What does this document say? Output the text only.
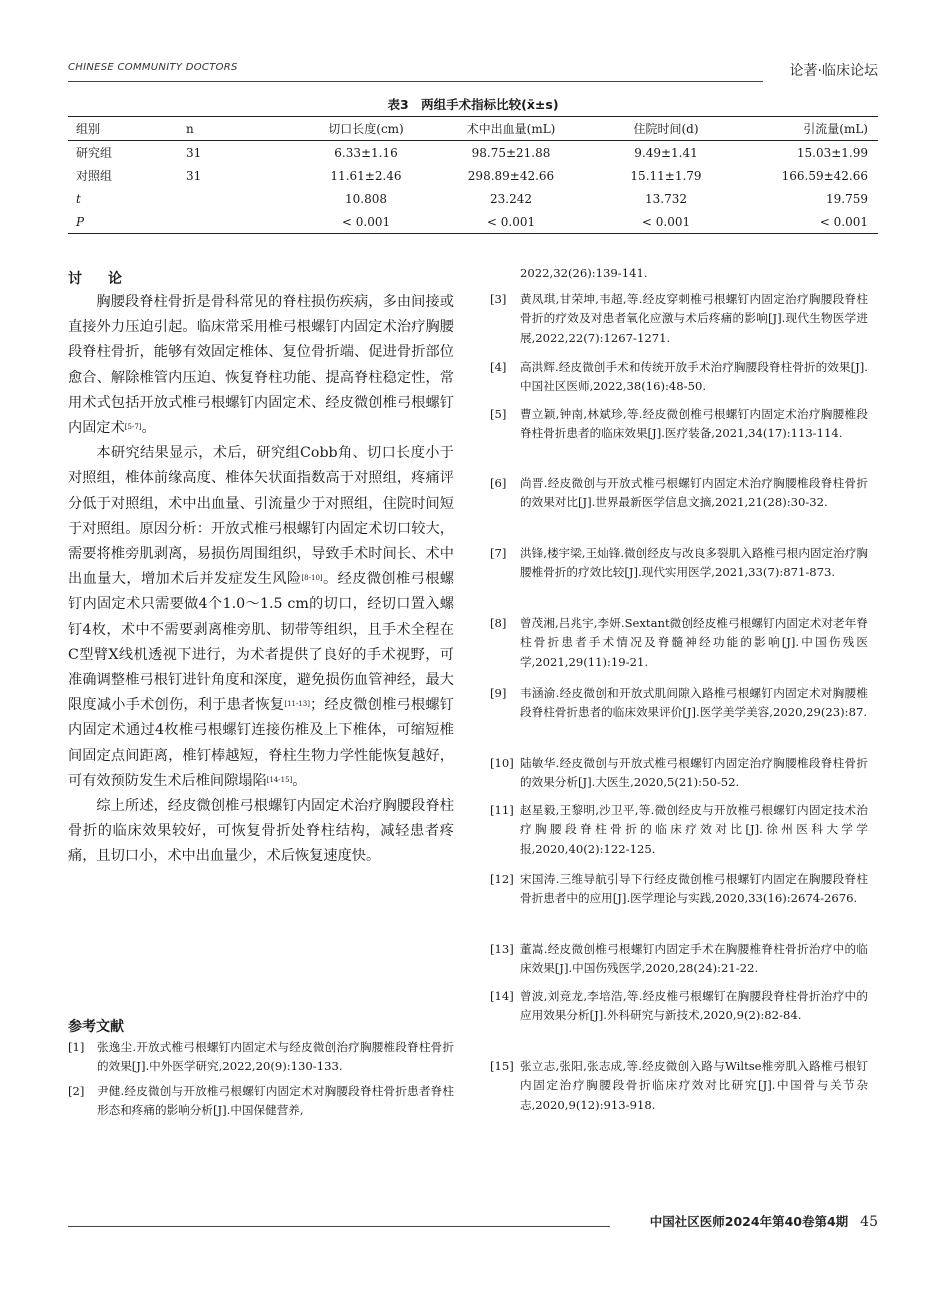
CHINESE COMMUNITY DOCTORS	论著·临床论坛
表3　两组手术指标比较(x̄±s)
组别	n	切口长度(cm)	术中出血量(mL)	住院时间(d)	引流量(mL)
研究组	31	6.33±1.16	98.75±21.88	9.49±1.41	15.03±1.99
对照组	31	11.61±2.46	298.89±42.66	15.11±1.79	166.59±42.66
t		10.808	23.242	13.732	19.759
P		< 0.001	< 0.001	< 0.001	< 0.001
讨　论

胸腰段脊柱骨折是骨科常见的脊柱损伤疾病，多由间接或直接外力压迫引起。临床常采用椎弓根螺钉内固定术治疗胸腰段脊柱骨折，能够有效固定椎体、复位骨折端、促进骨折部位愈合、解除椎管内压迫、恢复脊柱功能、提高脊柱稳定性，常用术式包括开放式椎弓根螺钉内固定术、经皮微创椎弓根螺钉内固定术[5-7]。

本研究结果显示，术后，研究组Cobb角、切口长度小于对照组，椎体前缘高度、椎体矢状面指数高于对照组，疼痛评分低于对照组，术中出血量、引流量少于对照组，住院时间短于对照组。原因分析：开放式椎弓根螺钉内固定术切口较大，需要将椎旁肌剥离，易损伤周围组织，导致手术时间长、术中出血量大，增加术后并发症发生风险[8-10]。经皮微创椎弓根螺钉内固定术只需要做4个1.0～1.5 cm的切口，经切口置入螺钉4枚，术中不需要剥离椎旁肌、韧带等组织，且手术全程在C型臂X线机透视下进行，为术者提供了良好的手术视野，可准确调整椎弓根钉进针角度和深度，避免损伤血管神经，最大限度减小手术创伤，利于患者恢复[11-13]；经皮微创椎弓根螺钉内固定术通过4枚椎弓根螺钉连接伤椎及上下椎体，可缩短椎间固定点间距离，椎钉棒越短，脊柱生物力学性能恢复越好，可有效预防发生术后椎间隙塌陷[14-15]。

综上所述，经皮微创椎弓根螺钉内固定术治疗胸腰段脊柱骨折的临床效果较好，可恢复骨折处脊柱结构，减轻患者疼痛，且切口小，术中出血量少，术后恢复速度快。

参考文献
[1] 张逸尘.开放式椎弓根螺钉内固定术与经皮微创治疗胸腰椎段脊柱骨折的效果[J].中外医学研究,2022,20(9):130-133.
[2] 尹健.经皮微创与开放椎弓根螺钉内固定术对胸腰段脊柱骨折患者脊柱形态和疼痛的影响分析[J].中国保健营养,
2022,32(26):139-141.
[3] 黄凤琪,甘荣坤,韦超,等.经皮穿刺椎弓根螺钉内固定治疗胸腰段脊柱骨折的疗效及对患者氧化应激与术后疼痛的影响[J].现代生物医学进展,2022,22(7):1267-1271.
[4] 高洪辉.经皮微创手术和传统开放手术治疗胸腰段脊柱骨折的效果[J].中国社区医师,2022,38(16):48-50.
[5] 曹立颖,钟南,林斌珍,等.经皮微创椎弓根螺钉内固定术治疗胸腰椎段脊柱骨折患者的临床效果[J].医疗装备,2021,34(17):113-114.
[6] 尚晋.经皮微创与开放式椎弓根螺钉内固定术治疗胸腰椎段脊柱骨折的效果对比[J].世界最新医学信息文摘,2021,21(28):30-32.
[7] 洪锋,楼宇梁,王灿锋.微创经皮与改良多裂肌入路椎弓根内固定治疗胸腰椎骨折的疗效比较[J].现代实用医学,2021,33(7):871-873.
[8] 曾茂湘,吕兆宇,李妍.Sextant微创经皮椎弓根螺钉内固定术对老年脊柱骨折患者手术情况及脊髓神经功能的影响[J].中国伤残医学,2021,29(11):19-21.
[9] 韦涵渝.经皮微创和开放式肌间隙入路椎弓根螺钉内固定术对胸腰椎段脊柱骨折患者的临床效果评价[J].医学美学美容,2020,29(23):87.
[10] 陆敏华.经皮微创与开放式椎弓根螺钉内固定治疗胸腰椎段脊柱骨折的效果分析[J].大医生,2020,5(21):50-52.
[11] 赵星毅,王黎明,沙卫平,等.微创经皮与开放椎弓根螺钉内固定技术治疗胸腰段脊柱骨折的临床疗效对比[J].徐州医科大学学报,2020,40(2):122-125.
[12] 宋国涛.三维导航引导下行经皮微创椎弓根螺钉内固定在胸腰段脊柱骨折患者中的应用[J].医学理论与实践,2020,33(16):2674-2676.
[13] 董嵩.经皮微创椎弓根螺钉内固定手术在胸腰椎脊柱骨折治疗中的临床效果[J].中国伤残医学,2020,28(24):21-22.
[14] 曾波,刘竞龙,李培浩,等.经皮椎弓根螺钉在胸腰段脊柱骨折治疗中的应用效果分析[J].外科研究与新技术,2020,9(2):82-84.
[15] 张立志,张阳,张志成,等.经皮微创入路与Wiltse椎旁肌入路椎弓根钉内固定治疗胸腰段骨折临床疗效对比研究[J].中国骨与关节杂志,2020,9(12):913-918.
中国社区医师2024年第40卷第4期 45
